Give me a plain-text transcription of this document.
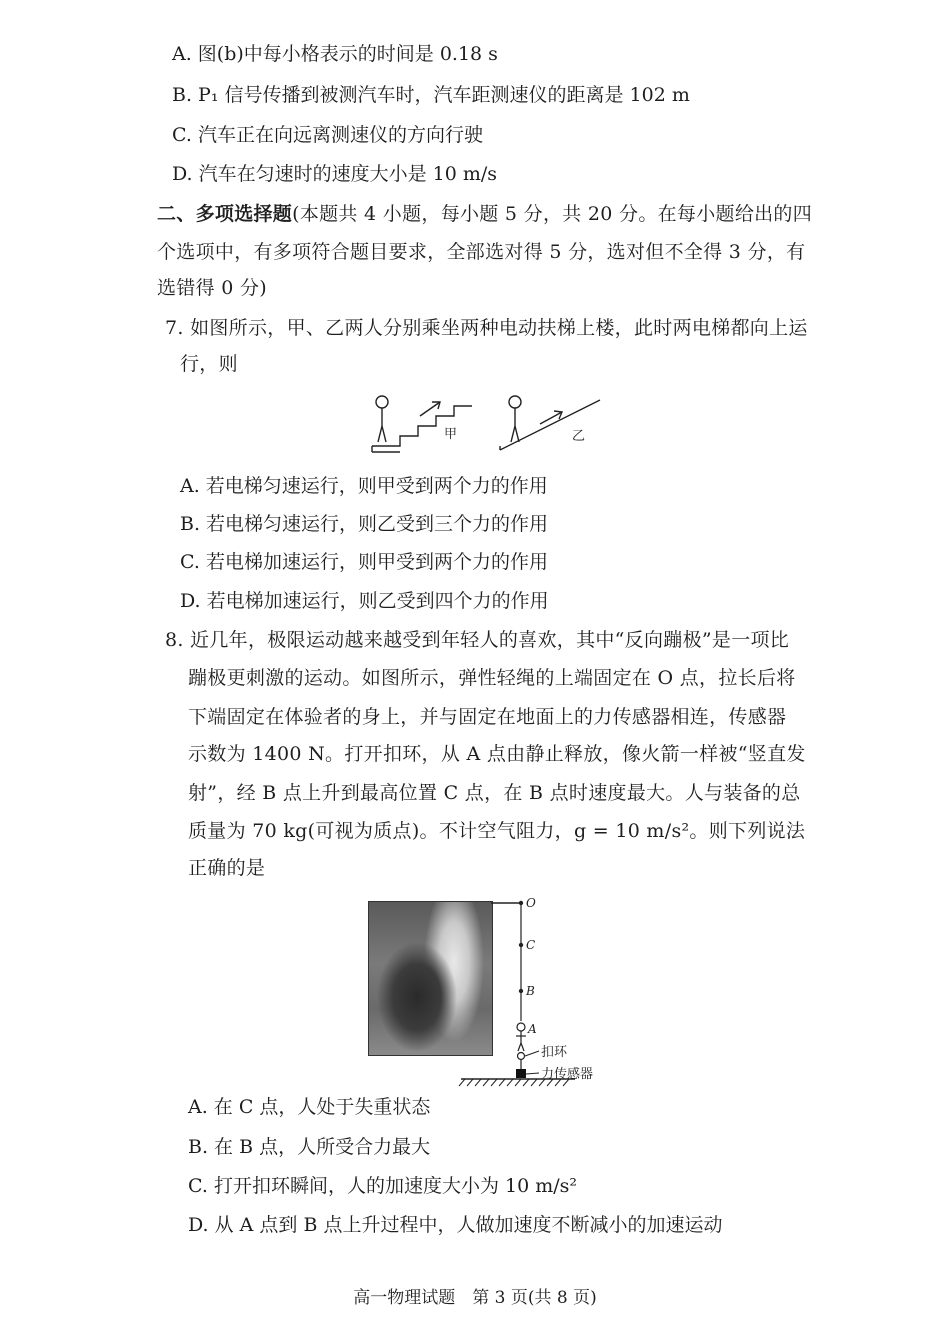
A. 图(b)中每小格表示的时间是 0.18 s
B. P₁ 信号传播到被测汽车时，汽车距测速仪的距离是 102 m
C. 汽车正在向远离测速仪的方向行驶
D. 汽车在匀速时的速度大小是 10 m/s
二、多项选择题(本题共 4 小题，每小题 5 分，共 20 分。在每小题给出的四
个选项中，有多项符合题目要求，全部选对得 5 分，选对但不全得 3 分，有
选错得 0 分)
7. 如图所示，甲、乙两人分别乘坐两种电动扶梯上楼，此时两电梯都向上运
行，则
甲	乙
A. 若电梯匀速运行，则甲受到两个力的作用
B. 若电梯匀速运行，则乙受到三个力的作用
C. 若电梯加速运行，则甲受到两个力的作用
D. 若电梯加速运行，则乙受到四个力的作用
8. 近几年，极限运动越来越受到年轻人的喜欢，其中“反向蹦极”是一项比
蹦极更刺激的运动。如图所示，弹性轻绳的上端固定在 O 点，拉长后将
下端固定在体验者的身上，并与固定在地面上的力传感器相连，传感器
示数为 1400 N。打开扣环，从 A 点由静止释放，像火箭一样被“竖直发
射”，经 B 点上升到最高位置 C 点，在 B 点时速度最大。人与装备的总
质量为 70 kg(可视为质点)。不计空气阻力，g = 10 m/s²。则下列说法
正确的是
O
C
B
A
扣环
力传感器
A. 在 C 点，人处于失重状态
B. 在 B 点，人所受合力最大
C. 打开扣环瞬间，人的加速度大小为 10 m/s²
D. 从 A 点到 B 点上升过程中，人做加速度不断减小的加速运动
高一物理试题　第 3 页(共 8 页)
